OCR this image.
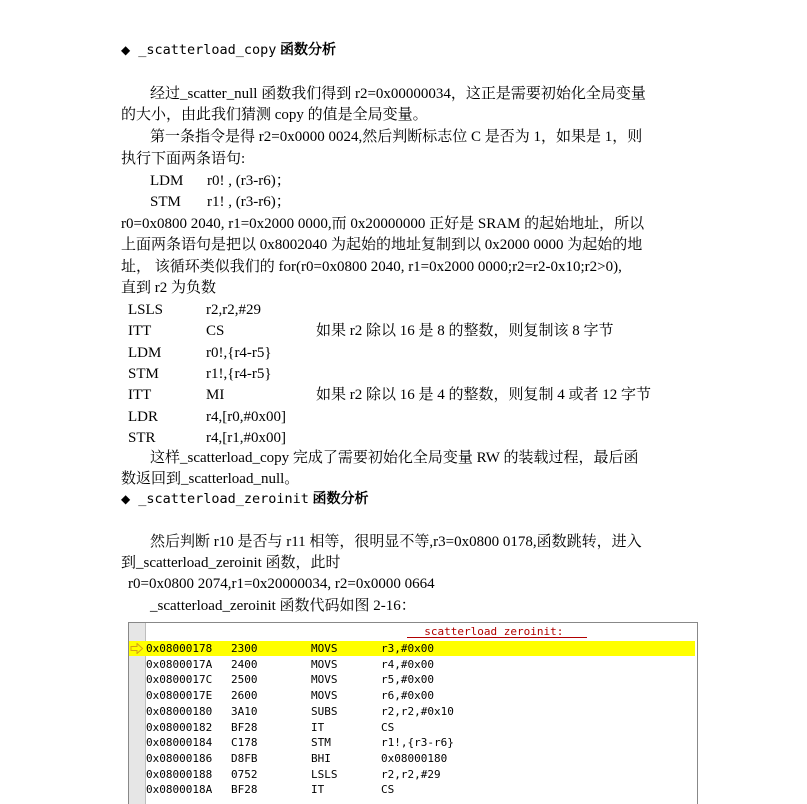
◆ _scatterload_copy 函数分析
经过_scatter_null 函数我们得到 r2=0x00000034，这正是需要初始化全局变量
的大小，由此我们猜测 copy 的值是全局变量。
第一条指令是得 r2=0x0000 0024,然后判断标志位 C 是否为 1，如果是 1，则
执行下面两条语句:
LDM r0! , (r3-r6)；
STM r1! , (r3-r6)；
r0=0x0800 2040, r1=0x2000 0000,而 0x20000000 正好是 SRAM 的起始地址，所以
上面两条语句是把以 0x8002040 为起始的地址复制到以 0x2000 0000 为起始的地
址， 该循环类似我们的 for(r0=0x0800 2040, r1=0x2000 0000;r2=r2-0x10;r2>0),
直到 r2 为负数
LSLS	r2,r2,#29
ITT	CS	如果 r2 除以 16 是 8 的整数，则复制该 8 字节
LDM	r0!,{r4-r5}
STM	r1!,{r4-r5}
ITT	MI	如果 r2 除以 16 是 4 的整数，则复制 4 或者 12 字节
LDR	r4,[r0,#0x00]
STR	r4,[r1,#0x00]
这样_scatterload_copy 完成了需要初始化全局变量 RW 的装载过程，最后函
数返回到_scatterload_null。
◆ _scatterload_zeroinit 函数分析
然后判断 r10 是否与 r11 相等，很明显不等,r3=0x0800 0178,函数跳转，进入
到_scatterload_zeroinit 函数，此时
r0=0x0800 2074,r1=0x20000034, r2=0x0000 0664
_scatterload_zeroinit 函数代码如图 2-16：
__scatterload_zeroinit:
0x08000178 2300	MOVS	r3,#0x00
0x0800017A 2400	MOVS	r4,#0x00
0x0800017C 2500	MOVS	r5,#0x00
0x0800017E 2600	MOVS	r6,#0x00
0x08000180 3A10	SUBS	r2,r2,#0x10
0x08000182 BF28	IT	CS
0x08000184 C178	STM	r1!,{r3-r6}
0x08000186 D8FB	BHI	0x08000180
0x08000188 0752	LSLS	r2,r2,#29
0x0800018A BF28	IT	CS
